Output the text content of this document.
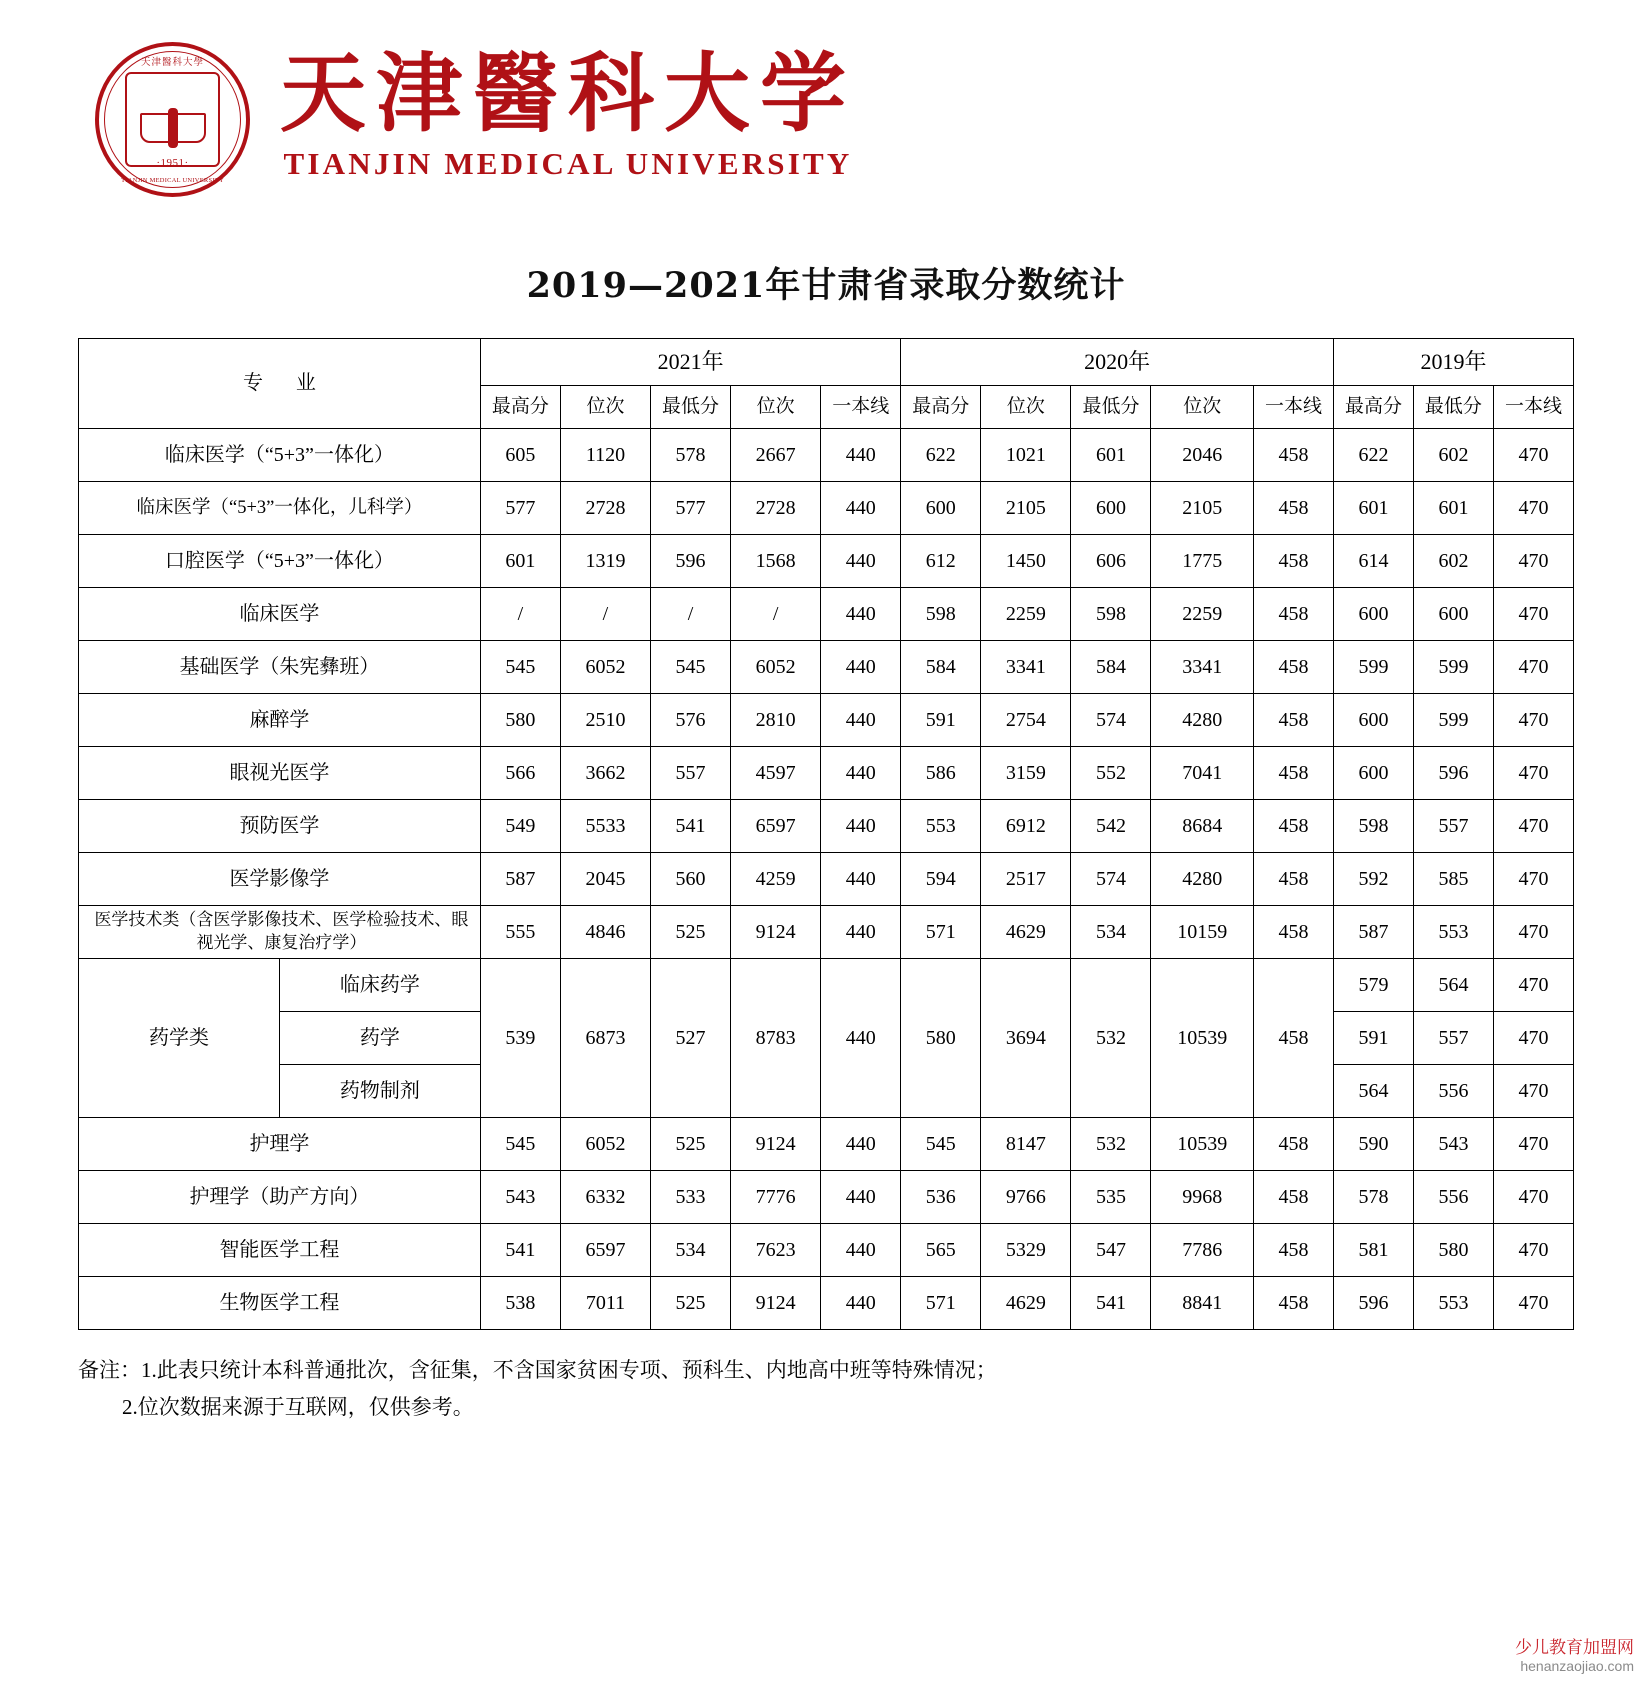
天津醫科大學
·1951·
TIANJIN MEDICAL UNIVERSITY
天津醫科大学
TIANJIN MEDICAL UNIVERSITY
2019—2021年甘肃省录取分数统计
专 业		2021年					2020年					2019年		
		最高分	位次	最低分	位次	一本线	最高分	位次	最低分	位次	一本线	最高分	最低分	一本线
临床医学（“5+3”一体化）		605	1120	578	2667	440	622	1021	601	2046	458	622	602	470
临床医学（“5+3”一体化，儿科学）		577	2728	577	2728	440	600	2105	600	2105	458	601	601	470
口腔医学（“5+3”一体化）		601	1319	596	1568	440	612	1450	606	1775	458	614	602	470
临床医学		/	/	/	/	440	598	2259	598	2259	458	600	600	470
基础医学（朱宪彝班）		545	6052	545	6052	440	584	3341	584	3341	458	599	599	470
麻醉学		580	2510	576	2810	440	591	2754	574	4280	458	600	599	470
眼视光医学		566	3662	557	4597	440	586	3159	552	7041	458	600	596	470
预防医学		549	5533	541	6597	440	553	6912	542	8684	458	598	557	470
医学影像学		587	2045	560	4259	440	594	2517	574	4280	458	592	585	470
医学技术类（含医学影像技术、医学检验技术、眼视光学、康复治疗学）		555	4846	525	9124	440	571	4629	534	10159	458	587	553	470
药学类	临床药学	539	6873	527	8783	440	580	3694	532	10539	458	579	564	470
	药学											591	557	470
	药物制剂											564	556	470
护理学		545	6052	525	9124	440	545	8147	532	10539	458	590	543	470
护理学（助产方向）		543	6332	533	7776	440	536	9766	535	9968	458	578	556	470
智能医学工程		541	6597	534	7623	440	565	5329	547	7786	458	581	580	470
生物医学工程		538	7011	525	9124	440	571	4629	541	8841	458	596	553	470
备注：1.此表只统计本科普通批次，含征集，不含国家贫困专项、预科生、内地高中班等特殊情况；
2.位次数据来源于互联网，仅供参考。
少儿教育加盟网
henanzaojiao.com
